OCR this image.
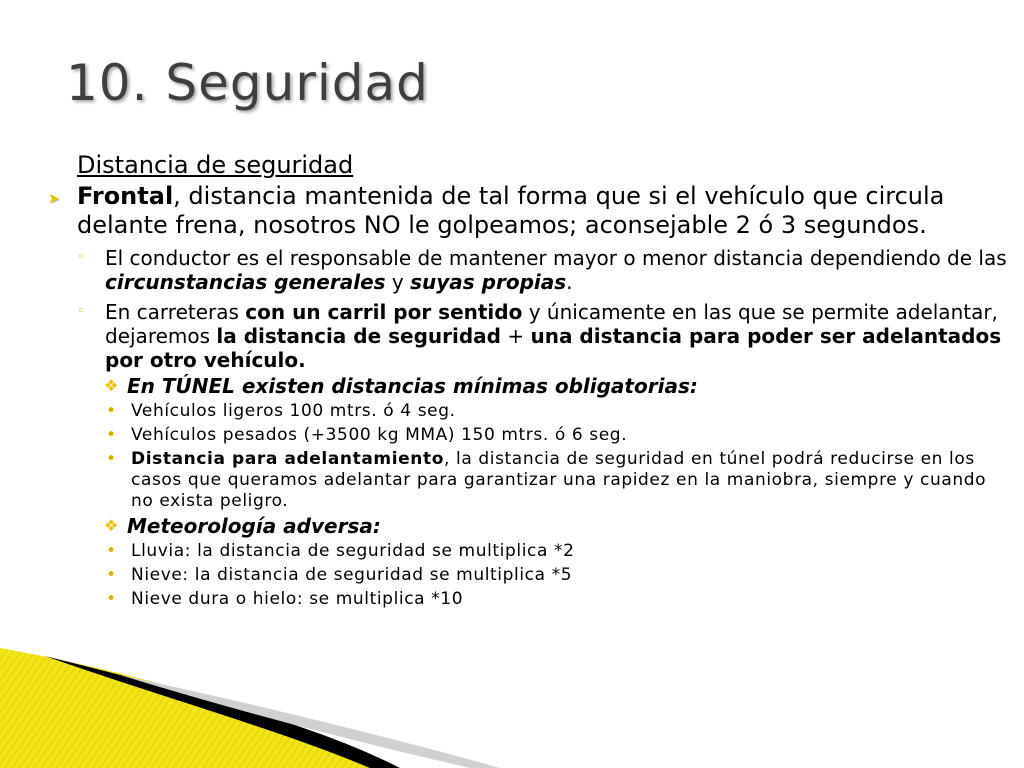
10. Seguridad
Distancia de seguridad
➤ Frontal, distancia mantenida de tal forma que si el vehículo que circula delante frena, nosotros NO le golpeamos; aconsejable 2 ó 3 segundos.
◦	El conductor es el responsable de mantener mayor o menor distancia dependiendo de las circunstancias generales y suyas propias.
◦	En carreteras con un carril por sentido y únicamente en las que se permite adelantar, dejaremos la distancia de seguridad + una distancia para poder ser adelantados por otro vehículo.
❖ En TÚNEL existen distancias mínimas obligatorias:
• Vehículos ligeros 100 mtrs. ó 4 seg.
• Vehículos pesados (+3500 kg MMA) 150 mtrs. ó 6 seg.
• Distancia para adelantamiento, la distancia de seguridad en túnel podrá reducirse en los casos que queramos adelantar para garantizar una rapidez en la maniobra, siempre y cuando no exista peligro.
❖ Meteorología adversa:
• Lluvia: la distancia de seguridad se multiplica *2
• Nieve: la distancia de seguridad se multiplica *5
• Nieve dura o hielo: se multiplica *10
